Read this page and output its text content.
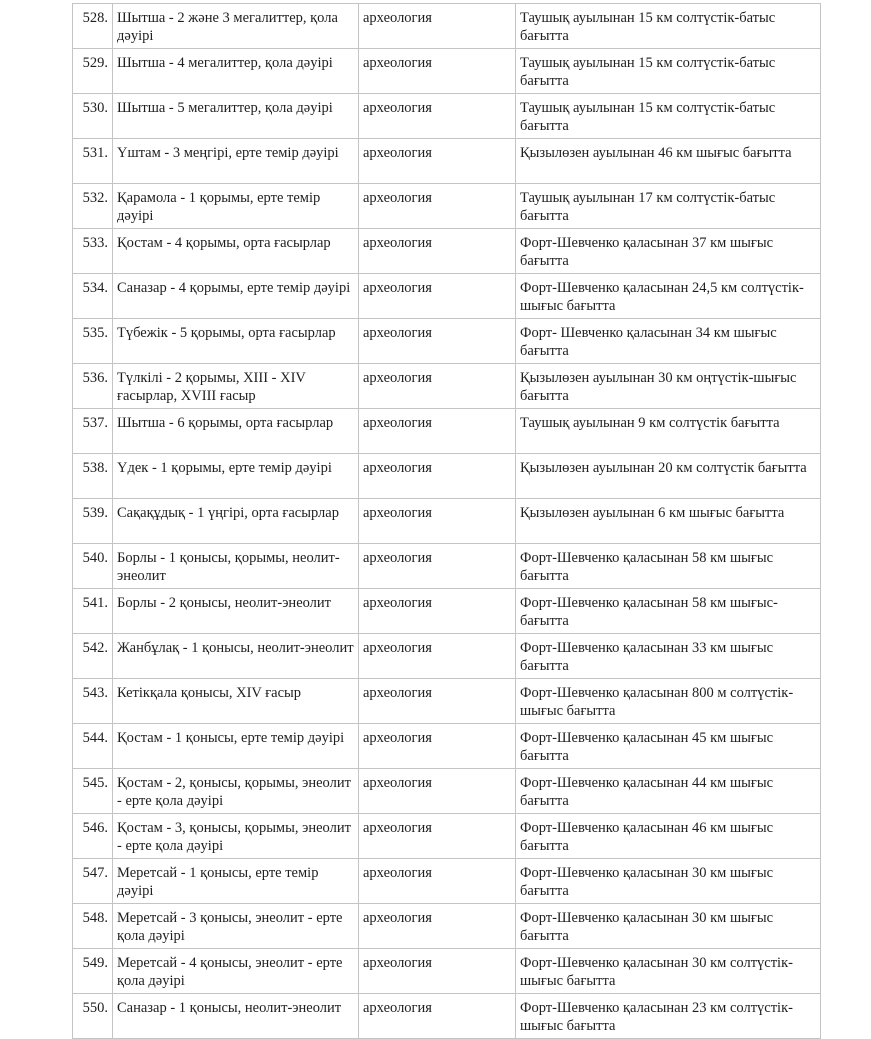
528.	Шытша - 2 және 3 мегалиттер, қола дәуірі	археология	Таушық ауылынан 15 км солтүстік-батыс бағытта
529.	Шытша - 4 мегалиттер, қола дәуірі	археология	Таушық ауылынан 15 км солтүстік-батыс бағытта
530.	Шытша - 5 мегалиттер, қола дәуірі	археология	Таушық ауылынан 15 км солтүстік-батыс бағытта
531.	Үштам - 3 меңгірі, ерте темір дәуірі	археология	Қызылөзен ауылынан 46 км шығыс бағытта
532.	Қарамола - 1 қорымы, ерте темір дәуірі	археология	Таушық ауылынан 17 км солтүстік-батыс бағытта
533.	Қостам - 4 қорымы, орта ғасырлар	археология	Форт-Шевченко қаласынан 37 км шығыс бағытта
534.	Саназар - 4 қорымы, ерте темір дәуірі	археология	Форт-Шевченко қаласынан 24,5 км солтүстік-шығыс бағытта
535.	Түбежік - 5 қорымы, орта ғасырлар	археология	Форт- Шевченко қаласынан 34 км шығыс бағытта
536.	Түлкілі - 2 қорымы, XIII - XIV ғасырлар, XVIII ғасыр	археология	Қызылөзен ауылынан 30 км оңтүстік-шығыс бағытта
537.	Шытша - 6 қорымы, орта ғасырлар	археология	Таушық ауылынан 9 км солтүстік бағытта
538.	Үдек - 1 қорымы, ерте темір дәуірі	археология	Қызылөзен ауылынан 20 км солтүстік бағытта
539.	Сақақұдық - 1 үңгірі, орта ғасырлар	археология	Қызылөзен ауылынан 6 км шығыс бағытта
540.	Борлы - 1 қонысы, қорымы, неолит-энеолит	археология	Форт-Шевченко қаласынан 58 км шығыс бағытта
541.	Борлы - 2 қонысы, неолит-энеолит	археология	Форт-Шевченко қаласынан 58 км шығыс-бағытта
542.	Жанбұлақ - 1 қонысы, неолит-энеолит	археология	Форт-Шевченко қаласынан 33 км шығыс бағытта
543.	Кетікқала қонысы, XIV ғасыр	археология	Форт-Шевченко қаласынан 800 м солтүстік-шығыс бағытта
544.	Қостам - 1 қонысы, ерте темір дәуірі	археология	Форт-Шевченко қаласынан 45 км шығыс бағытта
545.	Қостам - 2, қонысы, қорымы, энеолит - ерте қола дәуірі	археология	Форт-Шевченко қаласынан 44 км шығыс бағытта
546.	Қостам - 3, қонысы, қорымы, энеолит - ерте қола дәуірі	археология	Форт-Шевченко қаласынан 46 км шығыс бағытта
547.	Меретсай - 1 қонысы, ерте темір дәуірі	археология	Форт-Шевченко қаласынан 30 км шығыс бағытта
548.	Меретсай - 3 қонысы, энеолит - ерте қола дәуірі	археология	Форт-Шевченко қаласынан 30 км шығыс бағытта
549.	Меретсай - 4 қонысы, энеолит - ерте қола дәуірі	археология	Форт-Шевченко қаласынан 30 км солтүстік-шығыс бағытта
550.	Саназар - 1 қонысы, неолит-энеолит	археология	Форт-Шевченко қаласынан 23 км солтүстік-шығыс бағытта
